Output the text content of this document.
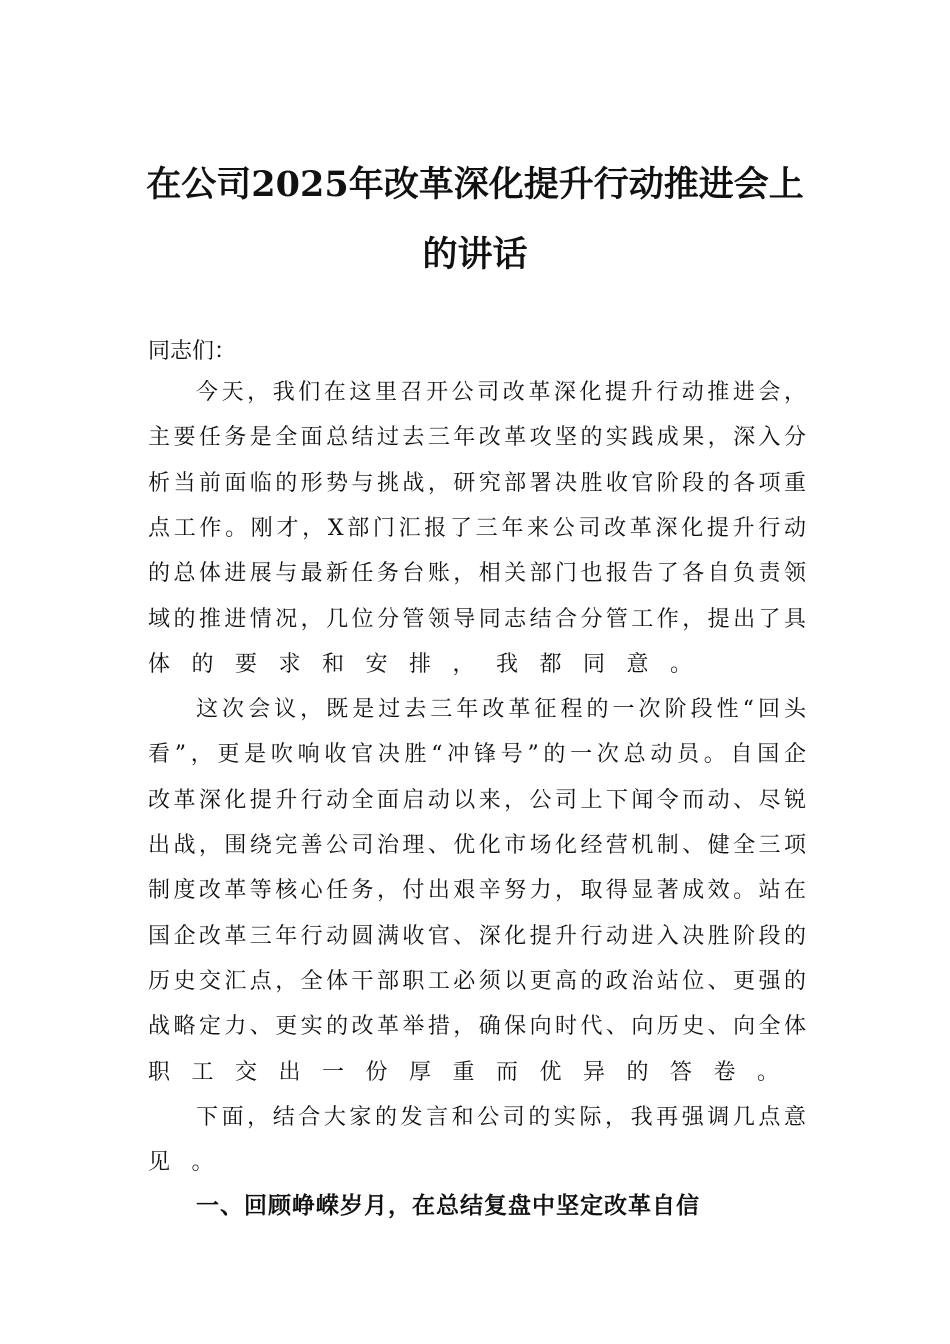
在公司2025年改革深化提升行动推进会上
的讲话
同志们：
今天，我们在这里召开公司改革深化提升行动推进会，
主要任务是全面总结过去三年改革攻坚的实践成果，深入分
析当前面临的形势与挑战，研究部署决胜收官阶段的各项重
点工作。刚才，X部门汇报了三年来公司改革深化提升行动
的总体进展与最新任务台账，相关部门也报告了各自负责领
域的推进情况，几位分管领导同志结合分管工作，提出了具
体的要求和安排，我都同意。
这次会议，既是过去三年改革征程的一次阶段性“回头
看”，更是吹响收官决胜“冲锋号”的一次总动员。自国企
改革深化提升行动全面启动以来，公司上下闻令而动、尽锐
出战，围绕完善公司治理、优化市场化经营机制、健全三项
制度改革等核心任务，付出艰辛努力，取得显著成效。站在
国企改革三年行动圆满收官、深化提升行动进入决胜阶段的
历史交汇点，全体干部职工必须以更高的政治站位、更强的
战略定力、更实的改革举措，确保向时代、向历史、向全体
职工交出一份厚重而优异的答卷。
下面，结合大家的发言和公司的实际，我再强调几点意
见。
一、回顾峥嵘岁月，在总结复盘中坚定改革自信
